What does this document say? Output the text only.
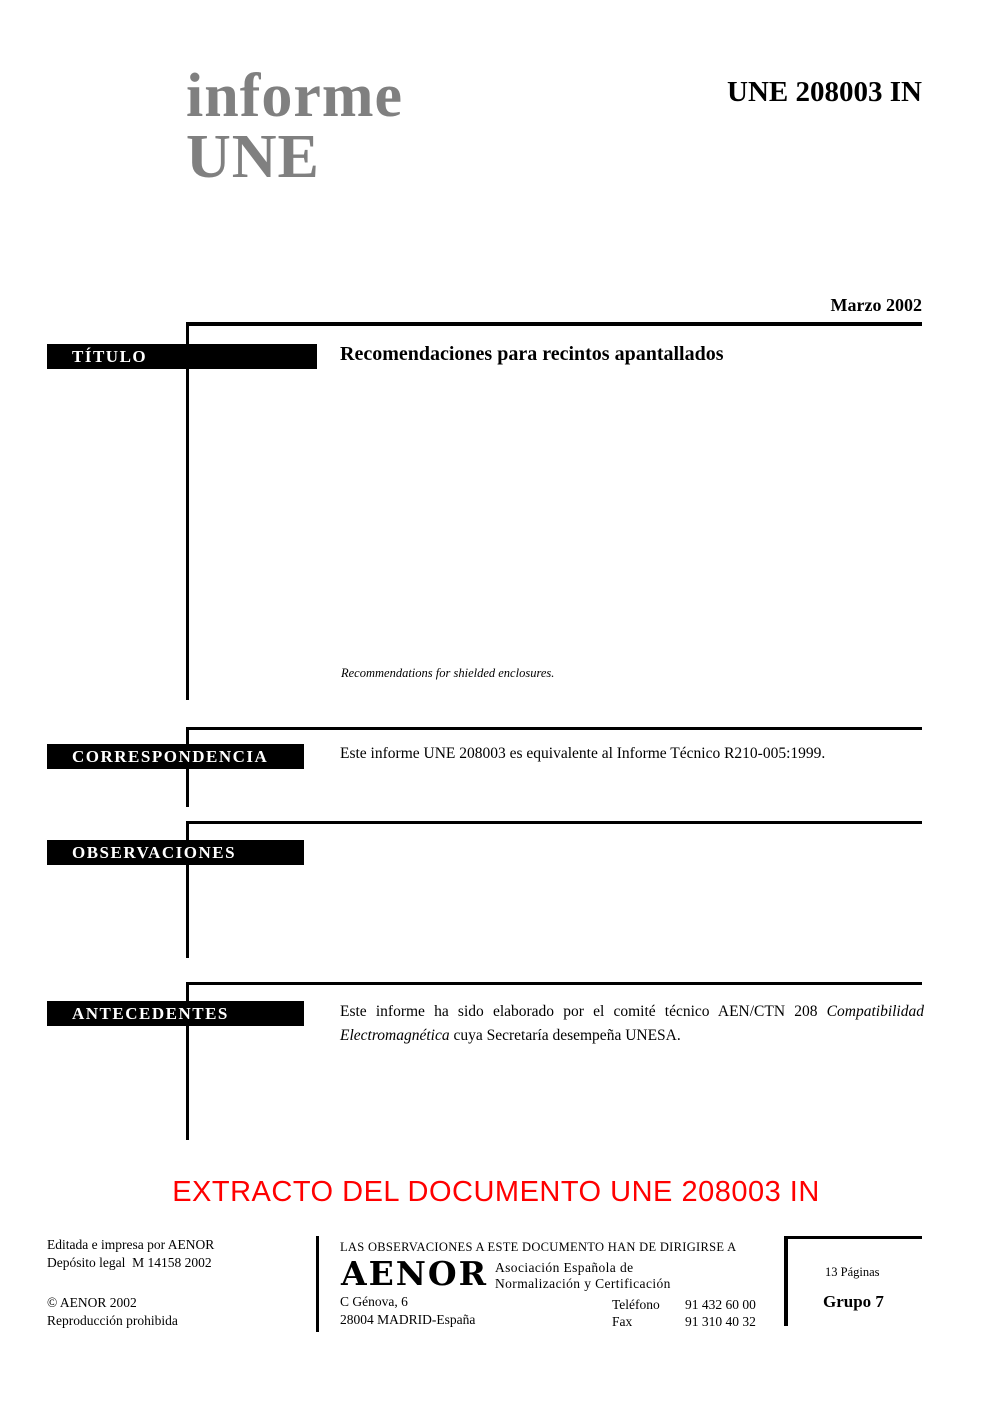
informe
UNE
UNE 208003 IN
Marzo 2002
TÍTULO
CORRESPONDENCIA
OBSERVACIONES
ANTECEDENTES
Recomendaciones para recintos apantallados
Recommendations for shielded enclosures.
Este informe UNE 208003 es equivalente al Informe Técnico R210-005:1999.
Este informe ha sido elaborado por el comité técnico AEN/CTN 208 Compatibilidad Electromagnética cuya Secretaría desempeña UNESA.
EXTRACTO DEL DOCUMENTO UNE 208003 IN
Editada e impresa por AENOR
Depósito legal  M 14158 2002
© AENOR 2002
Reproducción prohibida
LAS OBSERVACIONES A ESTE DOCUMENTO HAN DE DIRIGIRSE A
AENOR Asociación Española de
Normalización y Certificación
C Génova, 6
28004 MADRID-España
Teléfono 91 432 60 00
Fax	91 310 40 32
13 Páginas
Grupo 7
